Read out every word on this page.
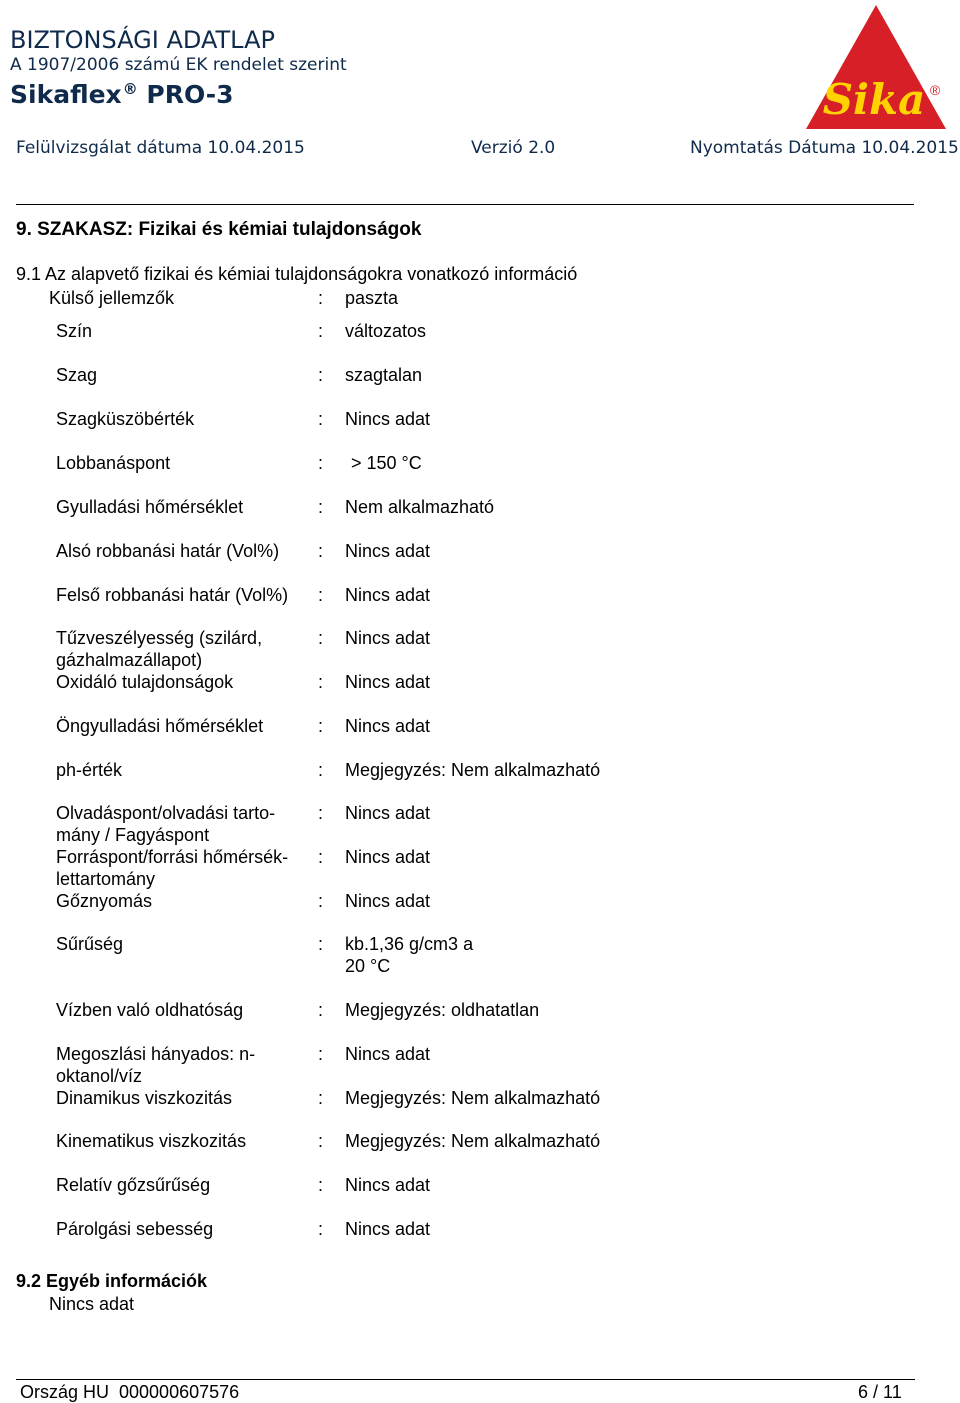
BIZTONSÁGI ADATLAP
A 1907/2006 számú EK rendelet szerint
Sikaflex® PRO-3
Felülvizsgálat dátuma 10.04.2015	Verzió 2.0	Nyomtatás Dátuma 10.04.2015
Sika ®
9. SZAKASZ: Fizikai és kémiai tulajdonságok
9.1 Az alapvető fizikai és kémiai tulajdonságokra vonatkozó információ
Külső jellemzők	: paszta
Szín	: változatos
Szag	: szagtalan
Szagküszöbérték	: Nincs adat
Lobbanáspont	: > 150 °C
Gyulladási hőmérséklet	: Nem alkalmazható
Alsó robbanási határ (Vol%) : Nincs adat
Felső robbanási határ (Vol%) : Nincs adat
Tűzveszélyesség (szilárd, gázhalmazállapot)
: Nincs adat
Oxidáló tulajdonságok	: Nincs adat
Öngyulladási hőmérséklet	: Nincs adat
ph-érték	: Megjegyzés: Nem alkalmazható
Olvadáspont/olvadási tarto-mány / Fagyáspont
: Nincs adat
Forráspont/forrási hőmérsék-lettartomány
: Nincs adat
Gőznyomás	: Nincs adat
Sűrűség	: kb.1,36 g/cm3 a 20 °C
Vízben való oldhatóság	: Megjegyzés: oldhatatlan
Megoszlási hányados: n-oktanol/víz
: Nincs adat
Dinamikus viszkozitás	: Megjegyzés: Nem alkalmazható
Kinematikus viszkozitás	: Megjegyzés: Nem alkalmazható
Relatív gőzsűrűség	: Nincs adat
Párolgási sebesség	: Nincs adat
9.2 Egyéb információk
Nincs adat
Ország HU  000000607576	6 / 11
